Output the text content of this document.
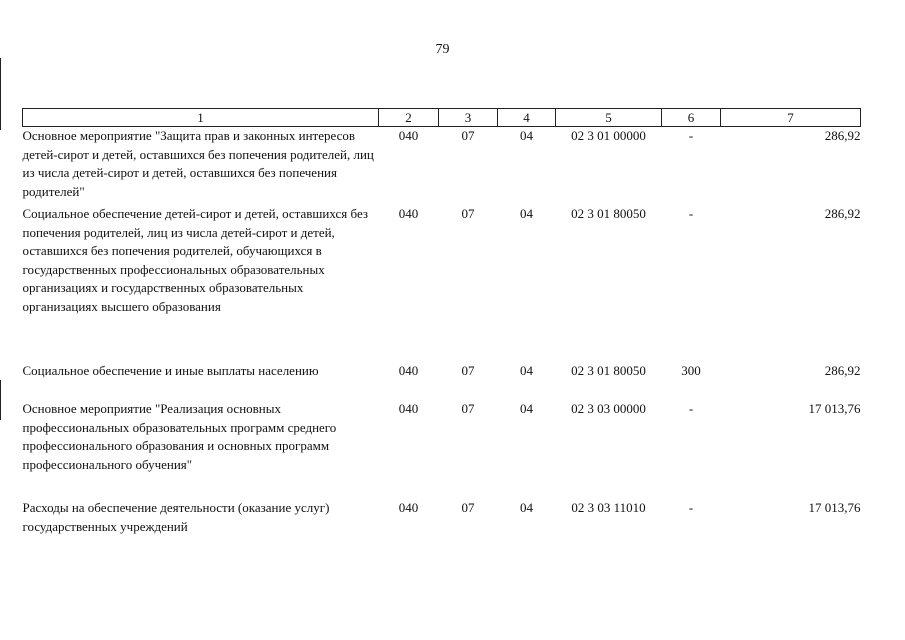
79
1	2	3	4	5	6	7
Основное мероприятие "Защита прав и законных интересов детей-сирот и детей, оставшихся без попечения родителей, лиц из числа детей-сирот и детей, оставшихся без попечения родителей"	040	07	04	02 3 01 00000	-	286,92
Социальное обеспечение детей-сирот и детей, оставшихся без попечения родителей, лиц из числа детей-сирот и детей, оставшихся без попечения родителей, обучающихся в государственных профессиональных образовательных организациях и государственных образовательных организациях высшего образования	040	07	04	02 3 01 80050	-	286,92
Социальное обеспечение и иные выплаты населению	040	07	04	02 3 01 80050	300	286,92
Основное мероприятие "Реализация основных профессиональных образовательных программ среднего профессионального образования и основных программ профессионального обучения"	040	07	04	02 3 03 00000	-	17 013,76
Расходы на обеспечение деятельности (оказание услуг) государственных учреждений	040	07	04	02 3 03 11010	-	17 013,76
